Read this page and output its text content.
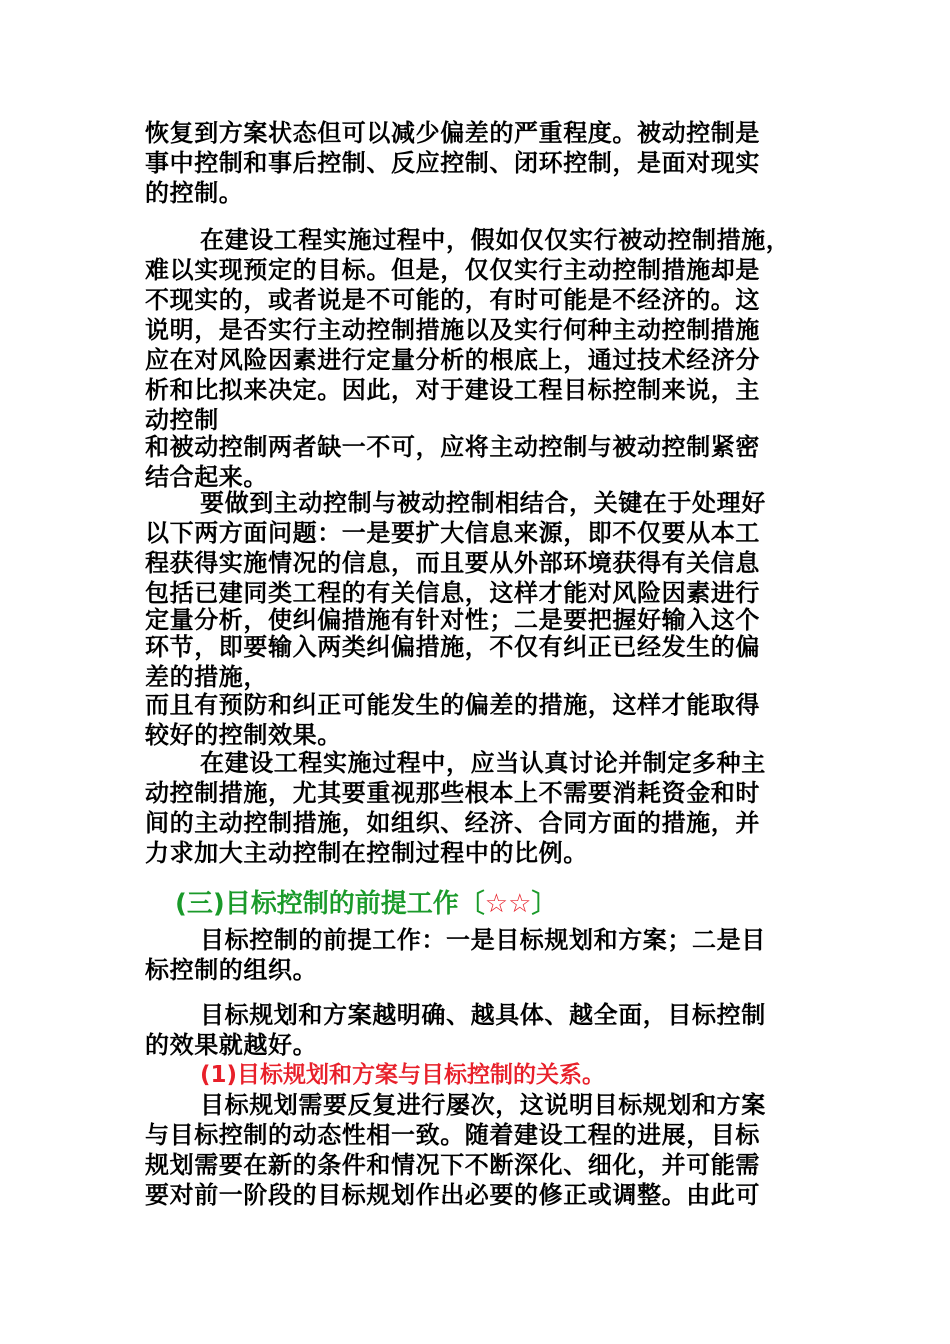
恢复到方案状态但可以减少偏差的严重程度。被动控制是
事中控制和事后控制、反应控制、闭环控制，是面对现实
的控制。
在建设工程实施过程中，假如仅仅实行被动控制措施，
难以实现预定的目标。但是，仅仅实行主动控制措施却是
不现实的，或者说是不可能的，有时可能是不经济的。这
说明，是否实行主动控制措施以及实行何种主动控制措施
应在对风险因素进行定量分析的根底上，通过技术经济分
析和比拟来决定。因此，对于建设工程目标控制来说，主
动控制
和被动控制两者缺一不可，应将主动控制与被动控制紧密
结合起来。
要做到主动控制与被动控制相结合，关键在于处理好
以下两方面问题：一是要扩大信息来源，即不仅要从本工
程获得实施情况的信息，而且要从外部环境获得有关信息
包括已建同类工程的有关信息，这样才能对风险因素进行
定量分析，使纠偏措施有针对性；二是要把握好输入这个
环节，即要输入两类纠偏措施，不仅有纠正已经发生的偏
差的措施，
而且有预防和纠正可能发生的偏差的措施，这样才能取得
较好的控制效果。
在建设工程实施过程中，应当认真讨论并制定多种主
动控制措施，尤其要重视那些根本上不需要消耗资金和时
间的主动控制措施，如组织、经济、合同方面的措施，并
力求加大主动控制在控制过程中的比例。
(三)目标控制的前提工作〔☆☆〕
目标控制的前提工作：一是目标规划和方案；二是目
标控制的组织。
目标规划和方案越明确、越具体、越全面，目标控制
的效果就越好。
(1)目标规划和方案与目标控制的关系。
目标规划需要反复进行屡次，这说明目标规划和方案
与目标控制的动态性相一致。随着建设工程的进展，目标
规划需要在新的条件和情况下不断深化、细化，并可能需
要对前一阶段的目标规划作出必要的修正或调整。由此可
